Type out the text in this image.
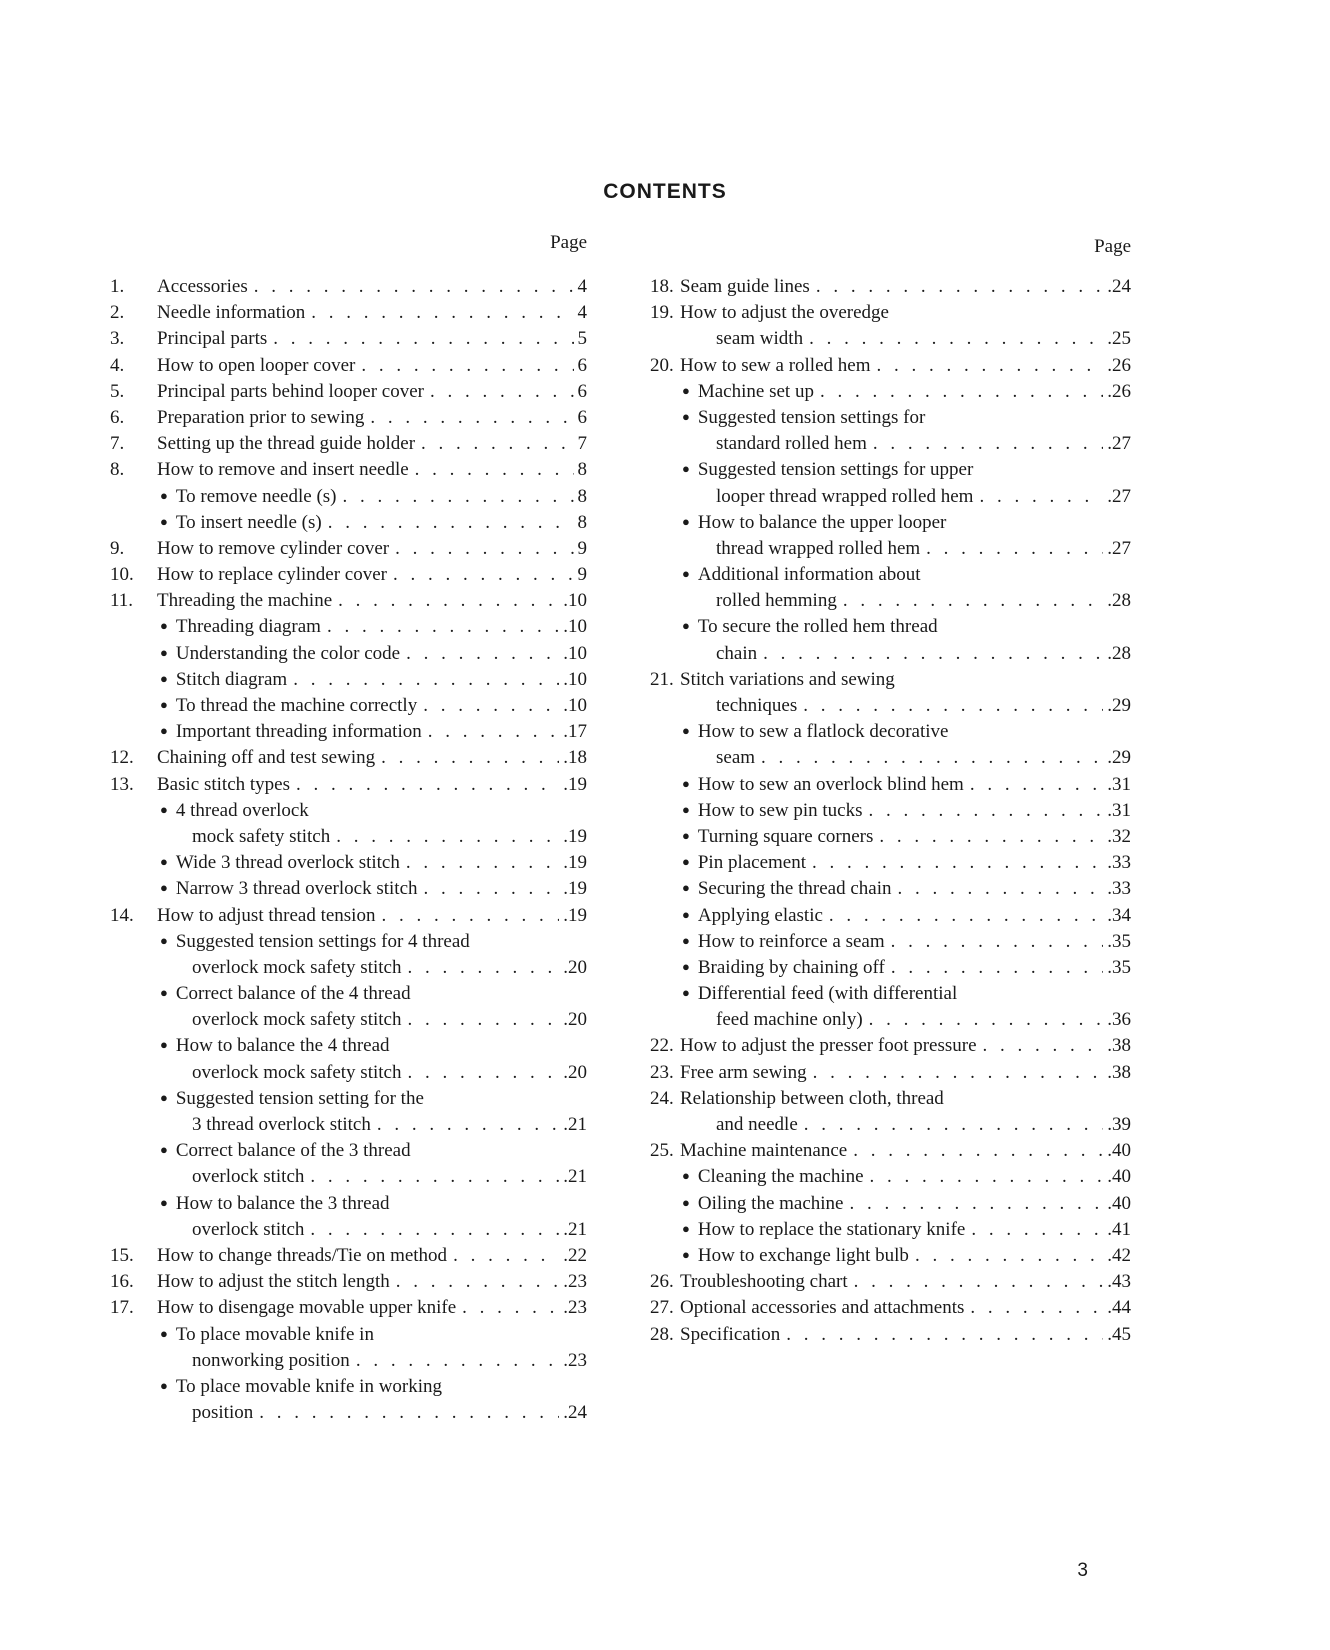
CONTENTS
Page
1.	Accessories . . .	4
2.	Needle information . . .	4
3.	Principal parts . . .	5
4.	How to open looper cover . . .	6
5.	Principal parts behind looper cover . . .	6
6.	Preparation prior to sewing . . .	6
7.	Setting up the thread guide holder . . .	7
8.	How to remove and insert needle . . .	8
● To remove needle (s) . . .	8
● To insert needle (s) . . .	8
9.	How to remove cylinder cover . . .	9
10.	How to replace cylinder cover . . .	9
11.	Threading the machine . . .	.10
● Threading diagram . . .	.10
● Understanding the color code . . .	.10
● Stitch diagram . . .	.10
● To thread the machine correctly . . .	.10
● Important threading information . . .	.17
12.	Chaining off and test sewing . . .	.18
13.	Basic stitch types . . .	.19
● 4 thread overlock
mock safety stitch . . .	.19
● Wide 3 thread overlock stitch . . .	.19
● Narrow 3 thread overlock stitch . . .	.19
14.	How to adjust thread tension . . .	.19
● Suggested tension settings for 4 thread
overlock mock safety stitch . . .	.20
● Correct balance of the 4 thread
overlock mock safety stitch . . .	.20
● How to balance the 4 thread
overlock mock safety stitch . . .	.20
● Suggested tension setting for the
3 thread overlock stitch . . .	.21
● Correct balance of the 3 thread
overlock stitch . . .	.21
● How to balance the 3 thread
overlock stitch . . .	.21
15.	How to change threads/Tie on method . . .	.22
16.	How to adjust the stitch length . . .	.23
17.	How to disengage movable upper knife . . .	.23
● To place movable knife in
nonworking position . . .	.23
● To place movable knife in working
position . . .	.24
Page
18. Seam guide lines . . .	.24
19. How to adjust the overedge
seam width . . .	.25
20. How to sew a rolled hem . . .	.26
● Machine set up . . .	.26
● Suggested tension settings for
standard rolled hem . . .	.27
● Suggested tension settings for upper
looper thread wrapped rolled hem . . .	.27
● How to balance the upper looper
thread wrapped rolled hem . . .	.27
● Additional information about
rolled hemming . . .	.28
● To secure the rolled hem thread
chain . . .	.28
21. Stitch variations and sewing
techniques . . .	.29
● How to sew a flatlock decorative
seam . . .	.29
● How to sew an overlock blind hem . . .	.31
● How to sew pin tucks . . .	.31
● Turning square corners . . .	.32
● Pin placement . . .	.33
● Securing the thread chain . . .	.33
● Applying elastic . . .	.34
● How to reinforce a seam . . .	.35
● Braiding by chaining off . . .	.35
● Differential feed (with differential
feed machine only) . . .	.36
22. How to adjust the presser foot pressure . . .	.38
23. Free arm sewing . . .	.38
24. Relationship between cloth, thread
and needle . . .	.39
25. Machine maintenance . . .	.40
● Cleaning the machine . . .	.40
● Oiling the machine . . .	.40
● How to replace the stationary knife . . .	.41
● How to exchange light bulb . . .	.42
26. Troubleshooting chart . . .	.43
27. Optional accessories and attachments . . .	.44
28. Specification . . .	.45
3
